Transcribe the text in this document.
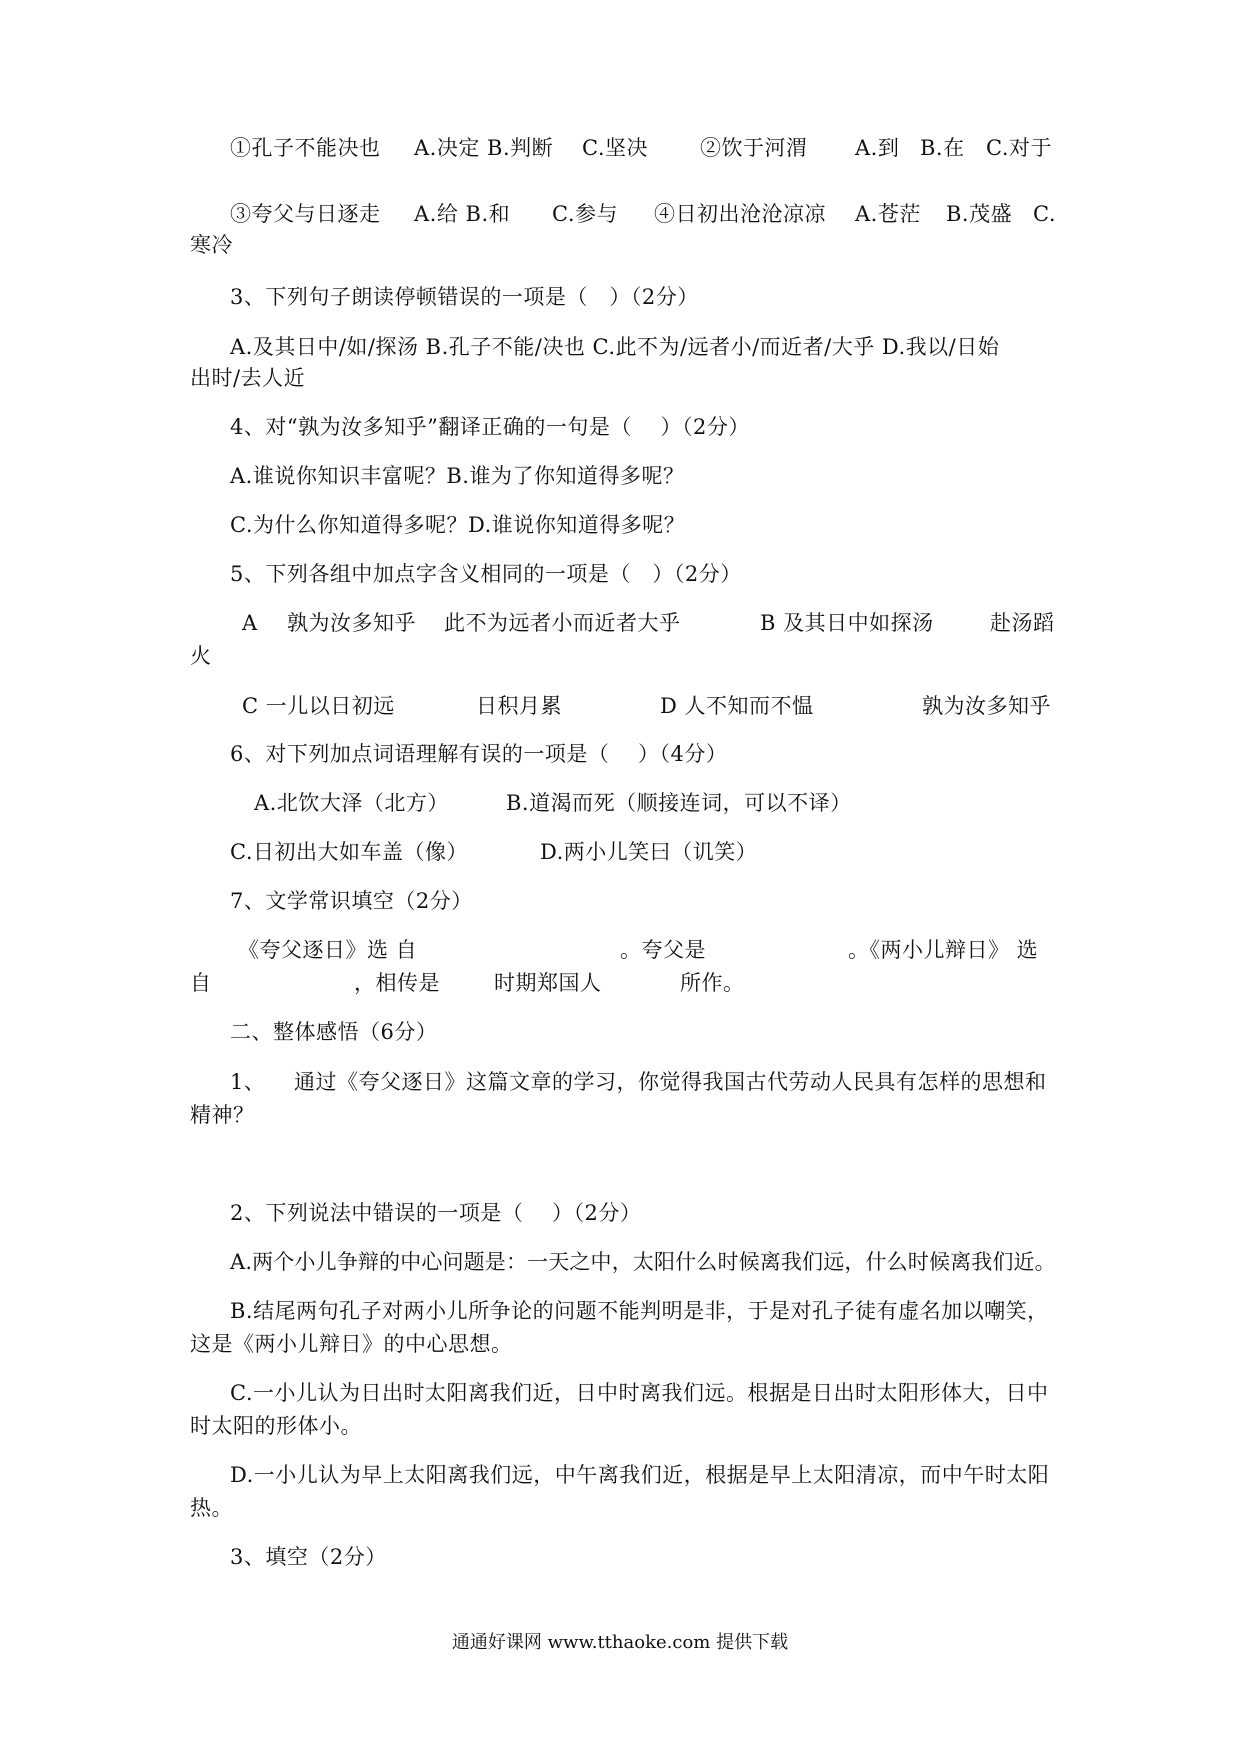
①孔子不能决也 A.决定 B.判断 C.坚决 ②饮于河渭 A.到 B.在 C.对于
③夸父与日逐走 A.给 B.和 C.参与 ④日初出沧沧凉凉 A.苍茫 B.茂盛 C.
寒冷
3、下列句子朗读停顿错误的一项是（　）（2分）
A.及其日中/如/探汤 B.孔子不能/决也 C.此不为/远者小/而近者/大乎 D.我以/日始
出时/去人近
4、对“孰为汝多知乎”翻译正确的一句是（　 ）（2分）
A.谁说你知识丰富呢？B.谁为了你知道得多呢？
C.为什么你知道得多呢？D.谁说你知道得多呢？
5、下列各组中加点字含义相同的一项是（　）（2分）
A 孰为汝多知乎 此不为远者小而近者大乎	B 及其日中如探汤	赴汤蹈
火
C 一儿以日初远	日积月累	D 人不知而不愠	孰为汝多知乎
6、对下列加点词语理解有误的一项是（　 ）（4分）
A.北饮大泽（北方）	B.道渴而死（顺接连词，可以不译）
C.日初出大如车盖（像）	D.两小儿笑曰（讥笑）
7、文学常识填空（2分）
《夸父逐日》选 自	。夸父是	。《两小儿辩日》 选
自	，相传是	时期郑国人	所作。
二、整体感悟（6分）
1、 通过《夸父逐日》这篇文章的学习，你觉得我国古代劳动人民具有怎样的思想和
精神？
2、下列说法中错误的一项是（　 ）（2分）
A.两个小儿争辩的中心问题是：一天之中，太阳什么时候离我们远，什么时候离我们近。
B.结尾两句孔子对两小儿所争论的问题不能判明是非，于是对孔子徒有虚名加以嘲笑，
这是《两小儿辩日》的中心思想。
C.一小儿认为日出时太阳离我们近，日中时离我们远。根据是日出时太阳形体大，日中
时太阳的形体小。
D.一小儿认为早上太阳离我们远，中午离我们近，根据是早上太阳清凉，而中午时太阳
热。
3、填空（2分）
通通好课网 www.tthaoke.com 提供下载
